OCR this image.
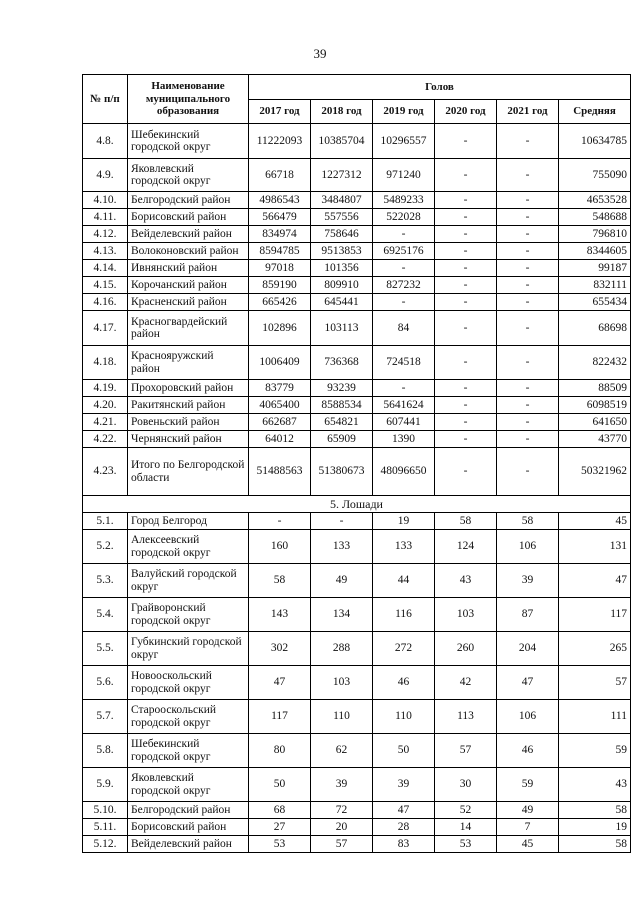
39
№ п/п	Наименование муниципального образования	Голов					
		2017 год	2018 год	2019 год	2020 год	2021 год	Средняя
4.8.	Шебекинский городской округ	11222093	10385704	10296557	-	-	10634785
4.9.	Яковлевский городской округ	66718	1227312	971240	-	-	755090
4.10.	Белгородский район	4986543	3484807	5489233	-	-	4653528
4.11.	Борисовский район	566479	557556	522028	-	-	548688
4.12.	Вейделевский район	834974	758646	-	-	-	796810
4.13.	Волоконовский район	8594785	9513853	6925176	-	-	8344605
4.14.	Ивнянский район	97018	101356	-	-	-	99187
4.15.	Корочанский район	859190	809910	827232	-	-	832111
4.16.	Красненский район	665426	645441	-	-	-	655434
4.17.	Красногвардейский район	102896	103113	84	-	-	68698
4.18.	Краснояружский район	1006409	736368	724518	-	-	822432
4.19.	Прохоровский район	83779	93239	-	-	-	88509
4.20.	Ракитянский район	4065400	8588534	5641624	-	-	6098519
4.21.	Ровеньский район	662687	654821	607441	-	-	641650
4.22.	Чернянский район	64012	65909	1390	-	-	43770
4.23.	Итого по Белгородской области	51488563	51380673	48096650	-	-	50321962
5. Лошади							
5.1.	Город Белгород	-	-	19	58	58	45
5.2.	Алексеевский городской округ	160	133	133	124	106	131
5.3.	Валуйский городской округ	58	49	44	43	39	47
5.4.	Грайворонский городской округ	143	134	116	103	87	117
5.5.	Губкинский городской округ	302	288	272	260	204	265
5.6.	Новооскольский городской округ	47	103	46	42	47	57
5.7.	Старооскольский городской округ	117	110	110	113	106	111
5.8.	Шебекинский городской округ	80	62	50	57	46	59
5.9.	Яковлевский городской округ	50	39	39	30	59	43
5.10.	Белгородский район	68	72	47	52	49	58
5.11.	Борисовский район	27	20	28	14	7	19
5.12.	Вейделевский район	53	57	83	53	45	58
